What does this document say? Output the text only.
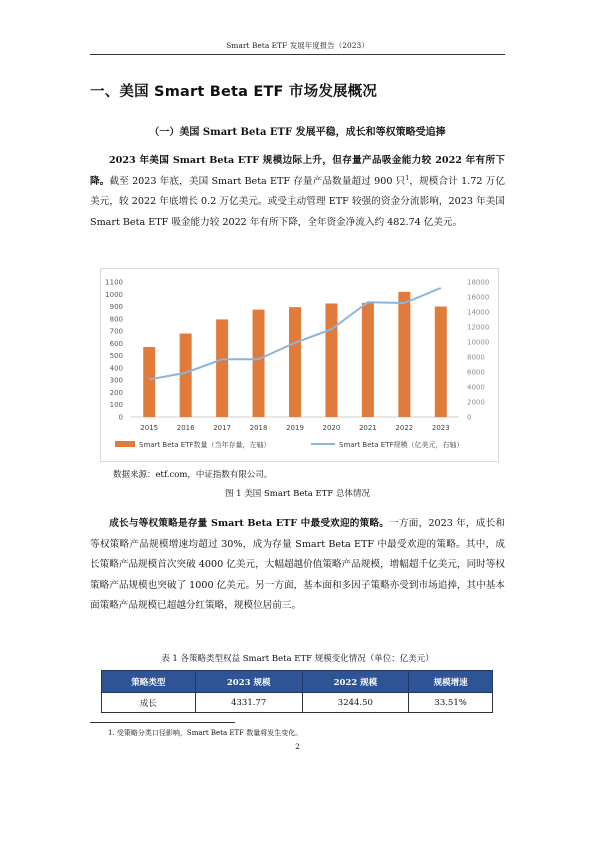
Smart Beta ETF 发展年度报告（2023）
一、美国 Smart Beta ETF 市场发展概况
（一）美国 Smart Beta ETF 发展平稳，成长和等权策略受追捧
2023 年美国 Smart Beta ETF 规模边际上升，但存量产品吸金能力较 2022 年有所下降。截至 2023 年底，美国 Smart Beta ETF 存量产品数量超过 900 只$^1$，规模合计 1.72 万亿美元，较 2022 年底增长 0.2 万亿美元。或受主动管理 ETF 较强的资金分流影响，2023 年美国 Smart Beta ETF 吸金能力较 2022 年有所下降，全年资金净流入约 482.74 亿美元。
0
100
200
300
400
500
600
700
800
900
1000
1100
0
2000
4000
6000
8000
10000
12000
14000
16000
18000
2015	2016	2017	2018	2019	2020	2021	2022	2023
Smart Beta ETF数量（当年存量，左轴）	Smart Beta ETF规模（亿美元，右轴）
数据来源：etf.com，中证指数有限公司。
图 1 美国 Smart Beta ETF 总体情况
成长与等权策略是存量 Smart Beta ETF 中最受欢迎的策略。一方面，2023 年，成长和等权策略产品规模增速均超过 30%，成为存量 Smart Beta ETF 中最受欢迎的策略。其中，成长策略产品规模首次突破 4000 亿美元，大幅超越价值策略产品规模，增幅超千亿美元，同时等权策略产品规模也突破了 1000 亿美元。另一方面，基本面和多因子策略亦受到市场追捧，其中基本面策略产品规模已超越分红策略，规模位居前三。
表 1 各策略类型权益 Smart Beta ETF 规模变化情况（单位：亿美元）
策略类型	2023 规模	2022 规模	规模增速
成长	4331.77	3244.50	33.51%
1. 受策略分类口径影响，Smart Beta ETF 数量将发生变化。
2
